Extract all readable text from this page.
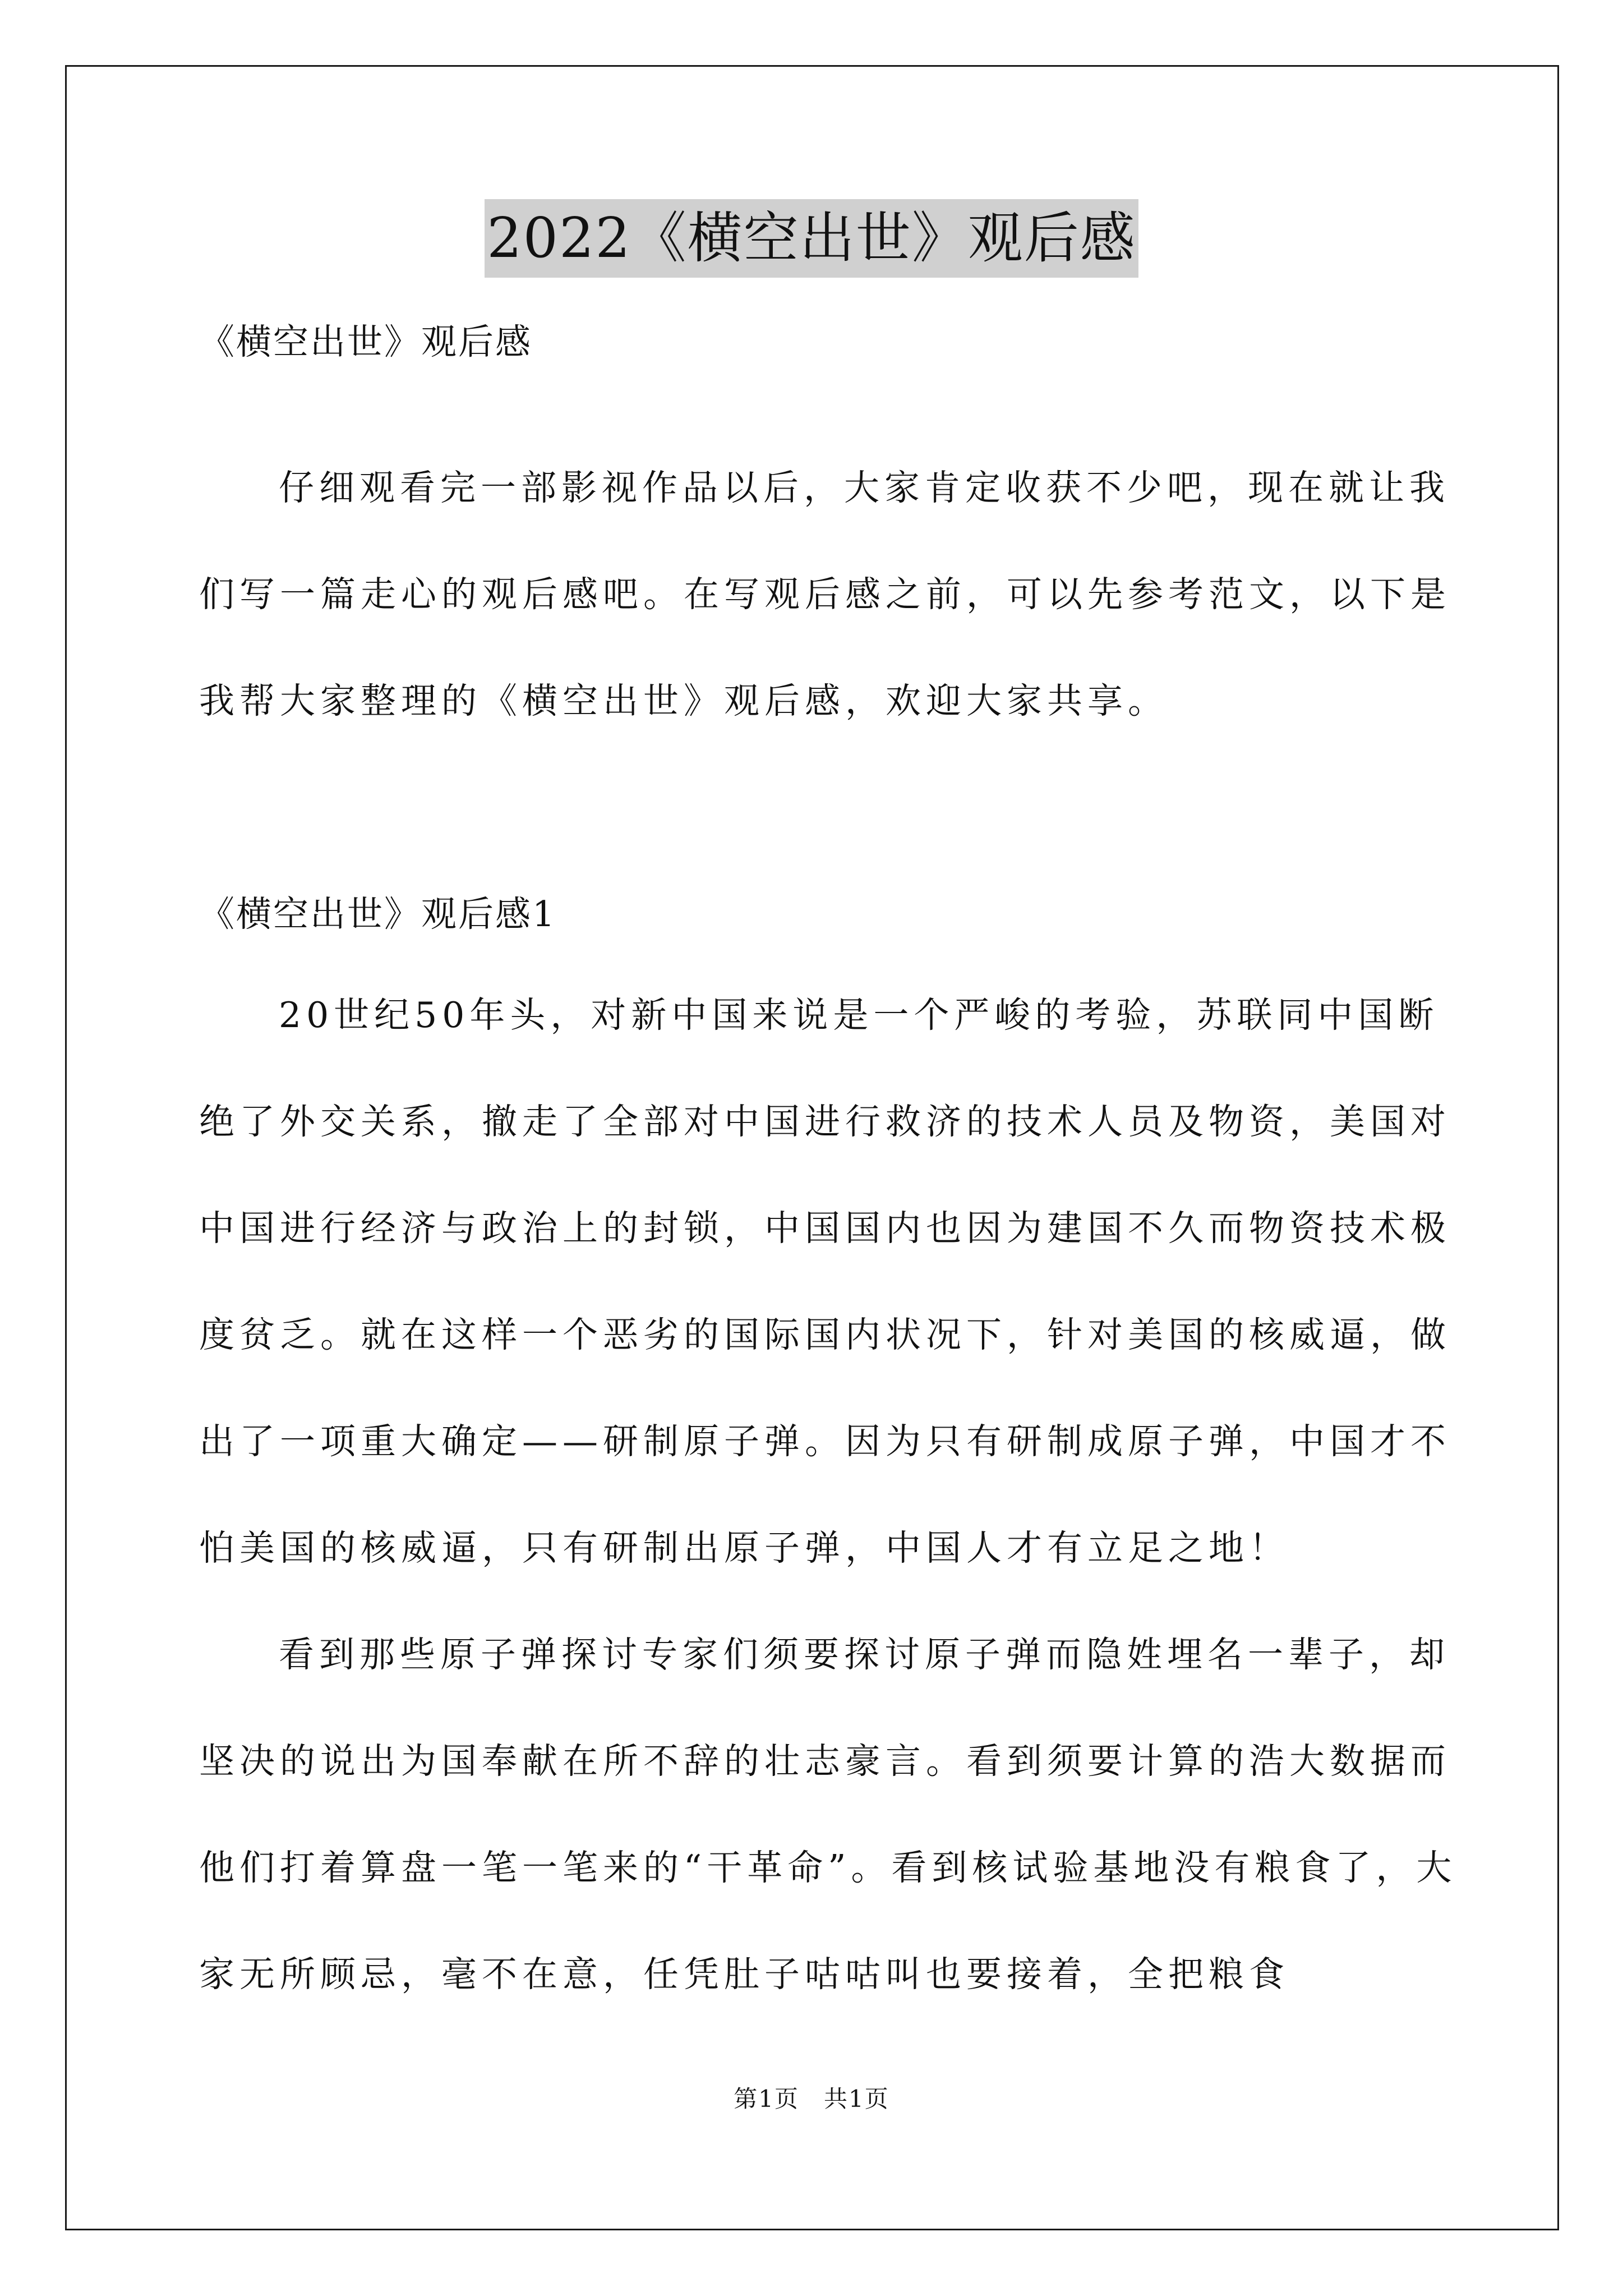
2022《横空出世》观后感

《横空出世》观后感

仔细观看完一部影视作品以后，大家肯定收获不少吧，现在就让我们写一篇走心的观后感吧。在写观后感之前，可以先参考范文，以下是我帮大家整理的《横空出世》观后感，欢迎大家共享。

《横空出世》观后感1

20世纪50年头，对新中国来说是一个严峻的考验，苏联同中国断绝了外交关系，撤走了全部对中国进行救济的技术人员及物资，美国对中国进行经济与政治上的封锁，中国国内也因为建国不久而物资技术极度贫乏。就在这样一个恶劣的国际国内状况下，针对美国的核威逼，做出了一项重大确定——研制原子弹。因为只有研制成原子弹，中国才不怕美国的核威逼，只有研制出原子弹，中国人才有立足之地！

看到那些原子弹探讨专家们须要探讨原子弹而隐姓埋名一辈子，却坚决的说出为国奉献在所不辞的壮志豪言。看到须要计算的浩大数据而他们打着算盘一笔一笔来的“干革命”。看到核试验基地没有粮食了，大家无所顾忌，毫不在意，任凭肚子咕咕叫也要接着，全把粮食

第1页　共1页
